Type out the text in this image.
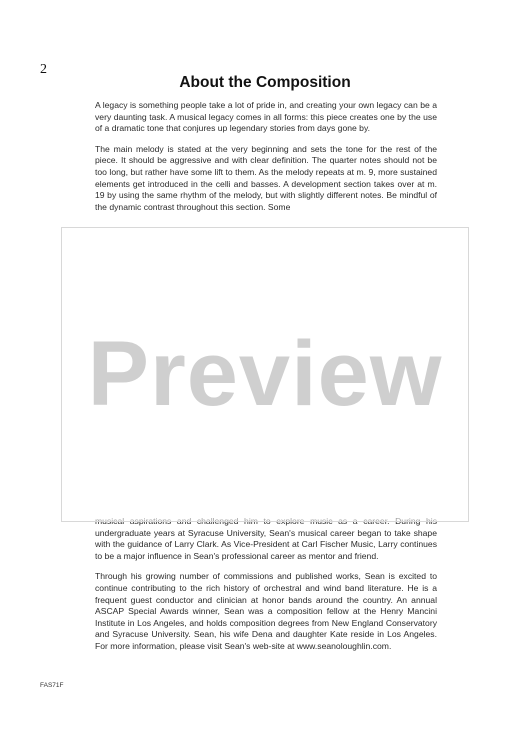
2
About the Composition

A legacy is something people take a lot of pride in, and creating your own legacy can be a very daunting task. A musical legacy comes in all forms: this piece creates one by the use of a dramatic tone that conjures up legendary stories from days gone by.

The main melody is stated at the very beginning and sets the tone for the rest of the piece. It should be aggressive and with clear definition. The quarter notes should not be too long, but rather have some lift to them. As the melody repeats at m. 9, more sustained elements get introduced in the celli and basses. A development section takes over at m. 19 by using the same rhythm of the melody, but with slightly different notes. Be mindful of the dynamic contrast throughout this section. Some

undergraduate years at Syracuse University, Sean's musical career began to take shape with the guidance of Larry Clark. As Vice-President at Carl Fischer Music, Larry continues to be a major influence in Sean's professional career as mentor and friend.

Through his growing number of commissions and published works, Sean is excited to continue contributing to the rich history of orchestral and wind band literature. He is a frequent guest conductor and clinician at honor bands around the country. An annual ASCAP Special Awards winner, Sean was a composition fellow at the Henry Mancini Institute in Los Angeles, and holds composition degrees from New England Conservatory and Syracuse University. Sean, his wife Dena and daughter Kate reside in Los Angeles. For more information, please visit Sean's web-site at www.seanoloughlin.com.

Preview
FAS71F
